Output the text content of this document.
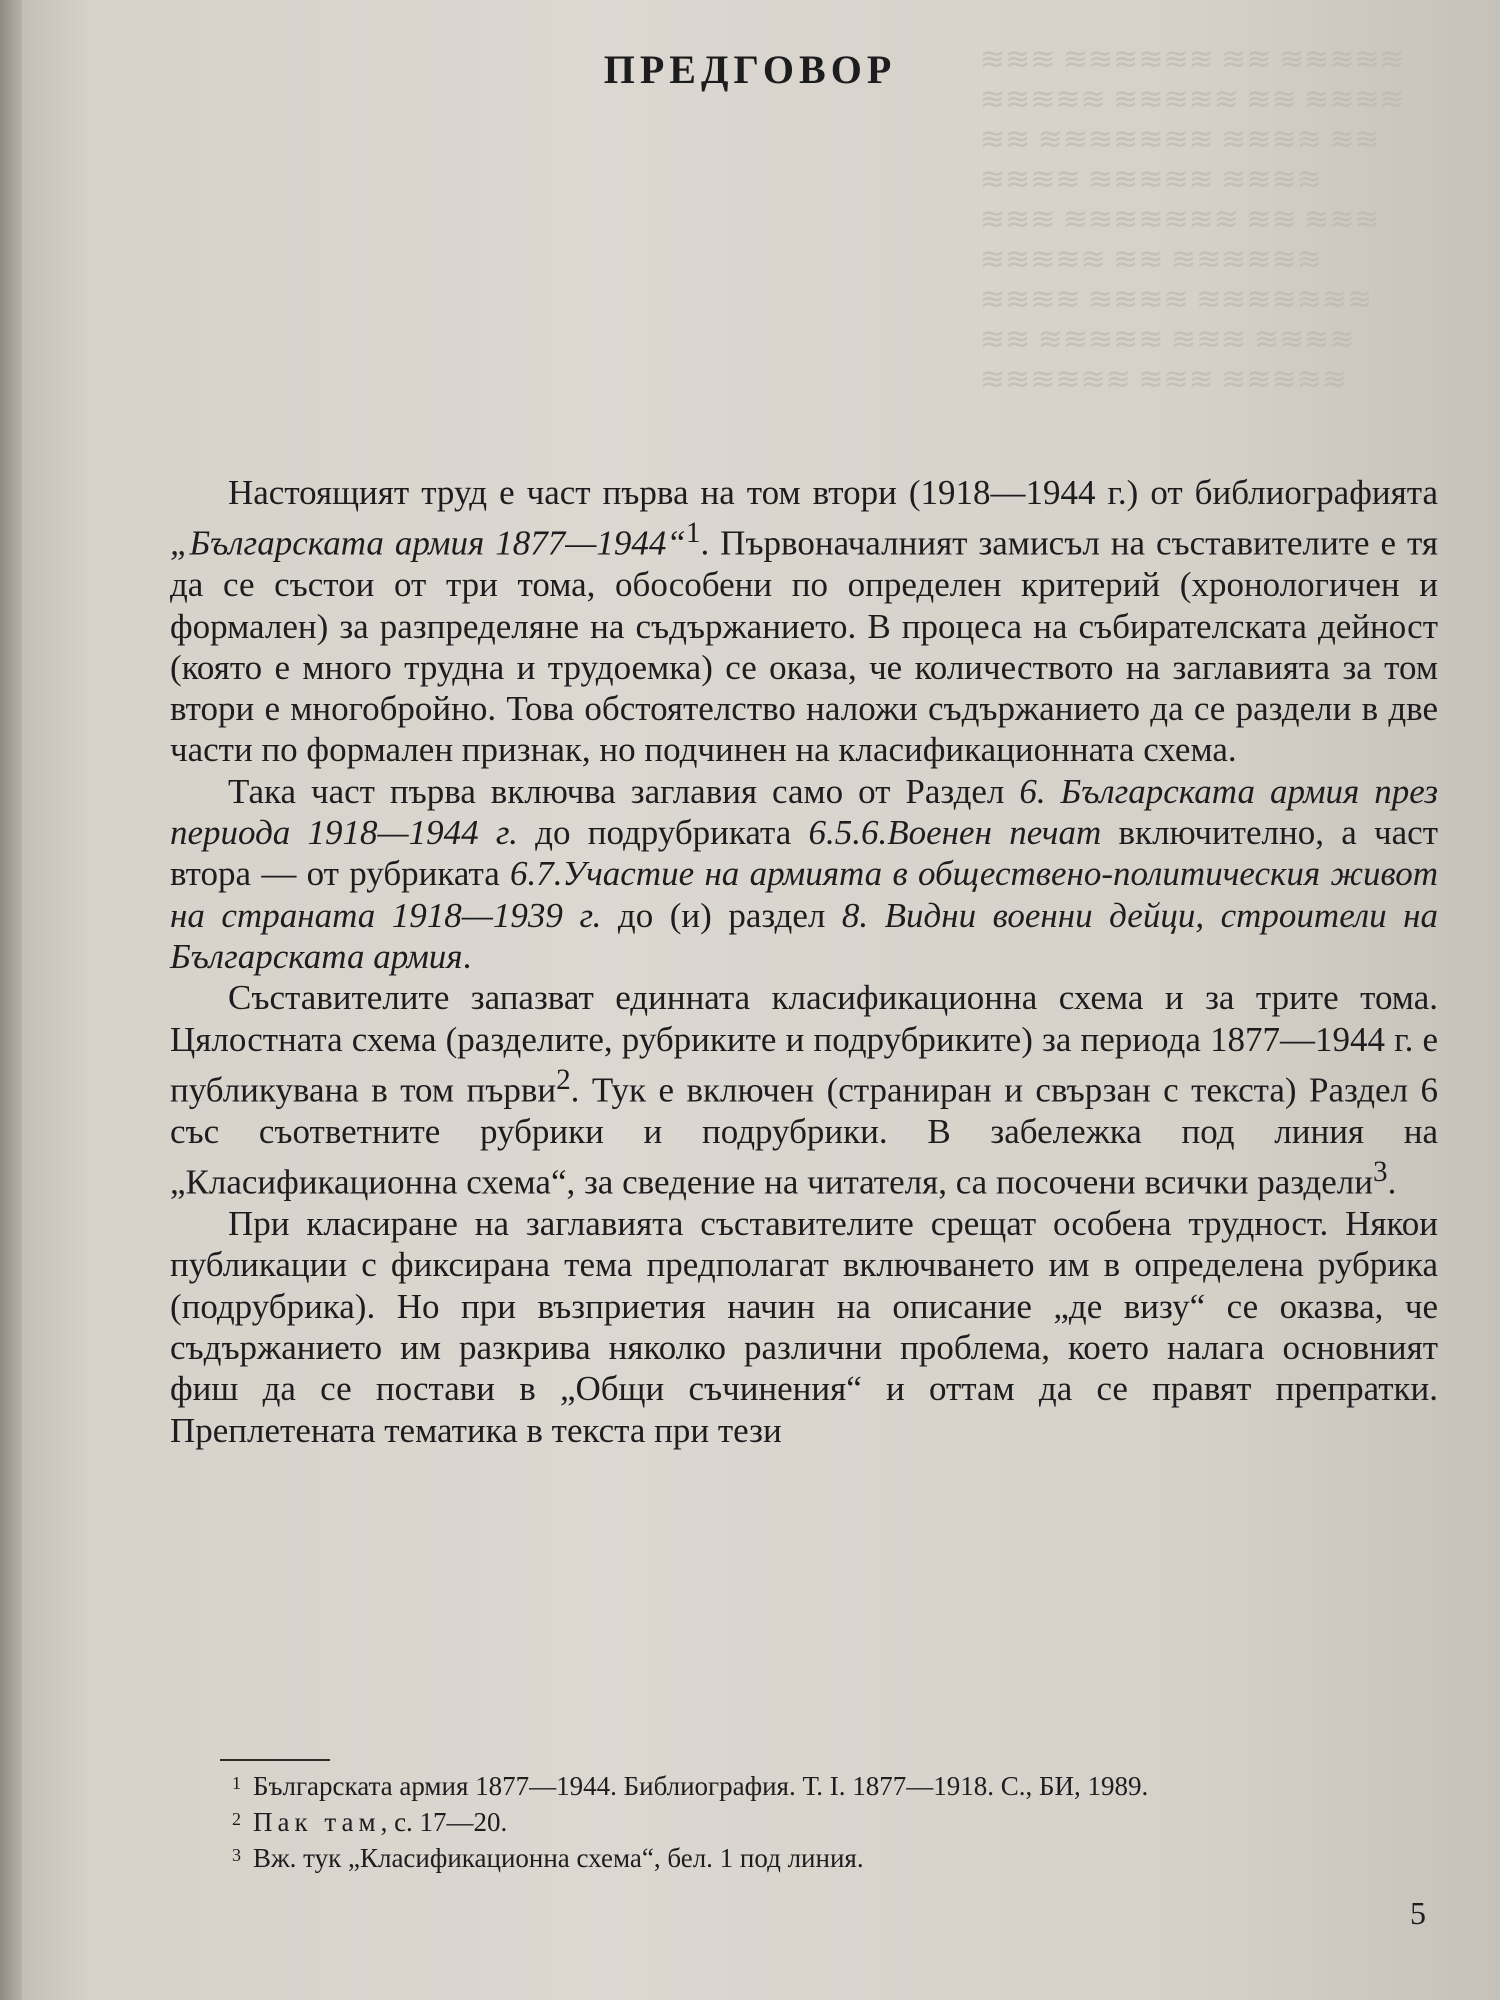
≋≋≋ ≋≋≋≋≋≋ ≋≋ ≋≋≋≋≋
≋≋≋≋≋ ≋≋≋≋≋ ≋≋ ≋≋≋≋
≋≋ ≋≋≋≋≋≋≋ ≋≋≋≋ ≋≋
≋≋≋≋ ≋≋≋≋≋ ≋≋≋≋
≋≋≋ ≋≋≋≋≋≋≋ ≋≋ ≋≋≋
≋≋≋≋≋ ≋≋ ≋≋≋≋≋≋
≋≋≋≋ ≋≋≋≋ ≋≋≋≋≋≋≋
≋≋ ≋≋≋≋≋ ≋≋≋ ≋≋≋≋
≋≋≋≋≋≋ ≋≋≋ ≋≋≋≋≋
ПРЕДГОВОР

Настоящият труд е част първа на том втори (1918—1944 г.) от библиографията „Българската армия 1877—1944“$^1$. Първоначалният замисъл на съставителите е тя да се състои от три тома, обособени по определен критерий (хронологичен и формален) за разпределяне на съдържанието. В процеса на събирателската дейност (която е много трудна и трудоемка) се оказа, че количеството на заглавията за том втори е многобройно. Това обстоятелство наложи съдържанието да се раздели в две части по формален признак, но подчинен на класификационната схема.

Така част първа включва заглавия само от Раздел 6. Българската армия през периода 1918—1944 г. до подрубриката 6.5.6.Военен печат включително, а част втора — от рубриката 6.7.Участие на армията в обществено-политическия живот на страната 1918—1939 г. до (и) раздел 8. Видни военни дейци, строители на Българската армия.

Съставителите запазват единната класификационна схема и за трите тома. Цялостната схема (разделите, рубриките и подрубриките) за периода 1877—1944 г. е публикувана в том първи$^2$. Тук е включен (страниран и свързан с текста) Раздел 6 със съответните рубрики и подрубрики. В забележка под линия на „Класификационна схема“, за сведение на читателя, са посочени всички раздели$^3$.

При класиране на заглавията съставителите срещат особена трудност. Някои публикации с фиксирана тема предполагат включването им в определена рубрика (подрубрика). Но при възприетия начин на описание „де визу“ се оказва, че съдържанието им разкрива няколко различни проблема, което налага основният фиш да се постави в „Общи съчинения“ и оттам да се правят препратки. Преплетената тематика в текста при тези

$^1$ Българската армия 1877—1944. Библиография. Т. I. 1877—1918. С., БИ, 1989.
$^2$ Пак там, с. 17—20.
$^3$ Вж. тук „Класификационна схема“, бел. 1 под линия.
5
